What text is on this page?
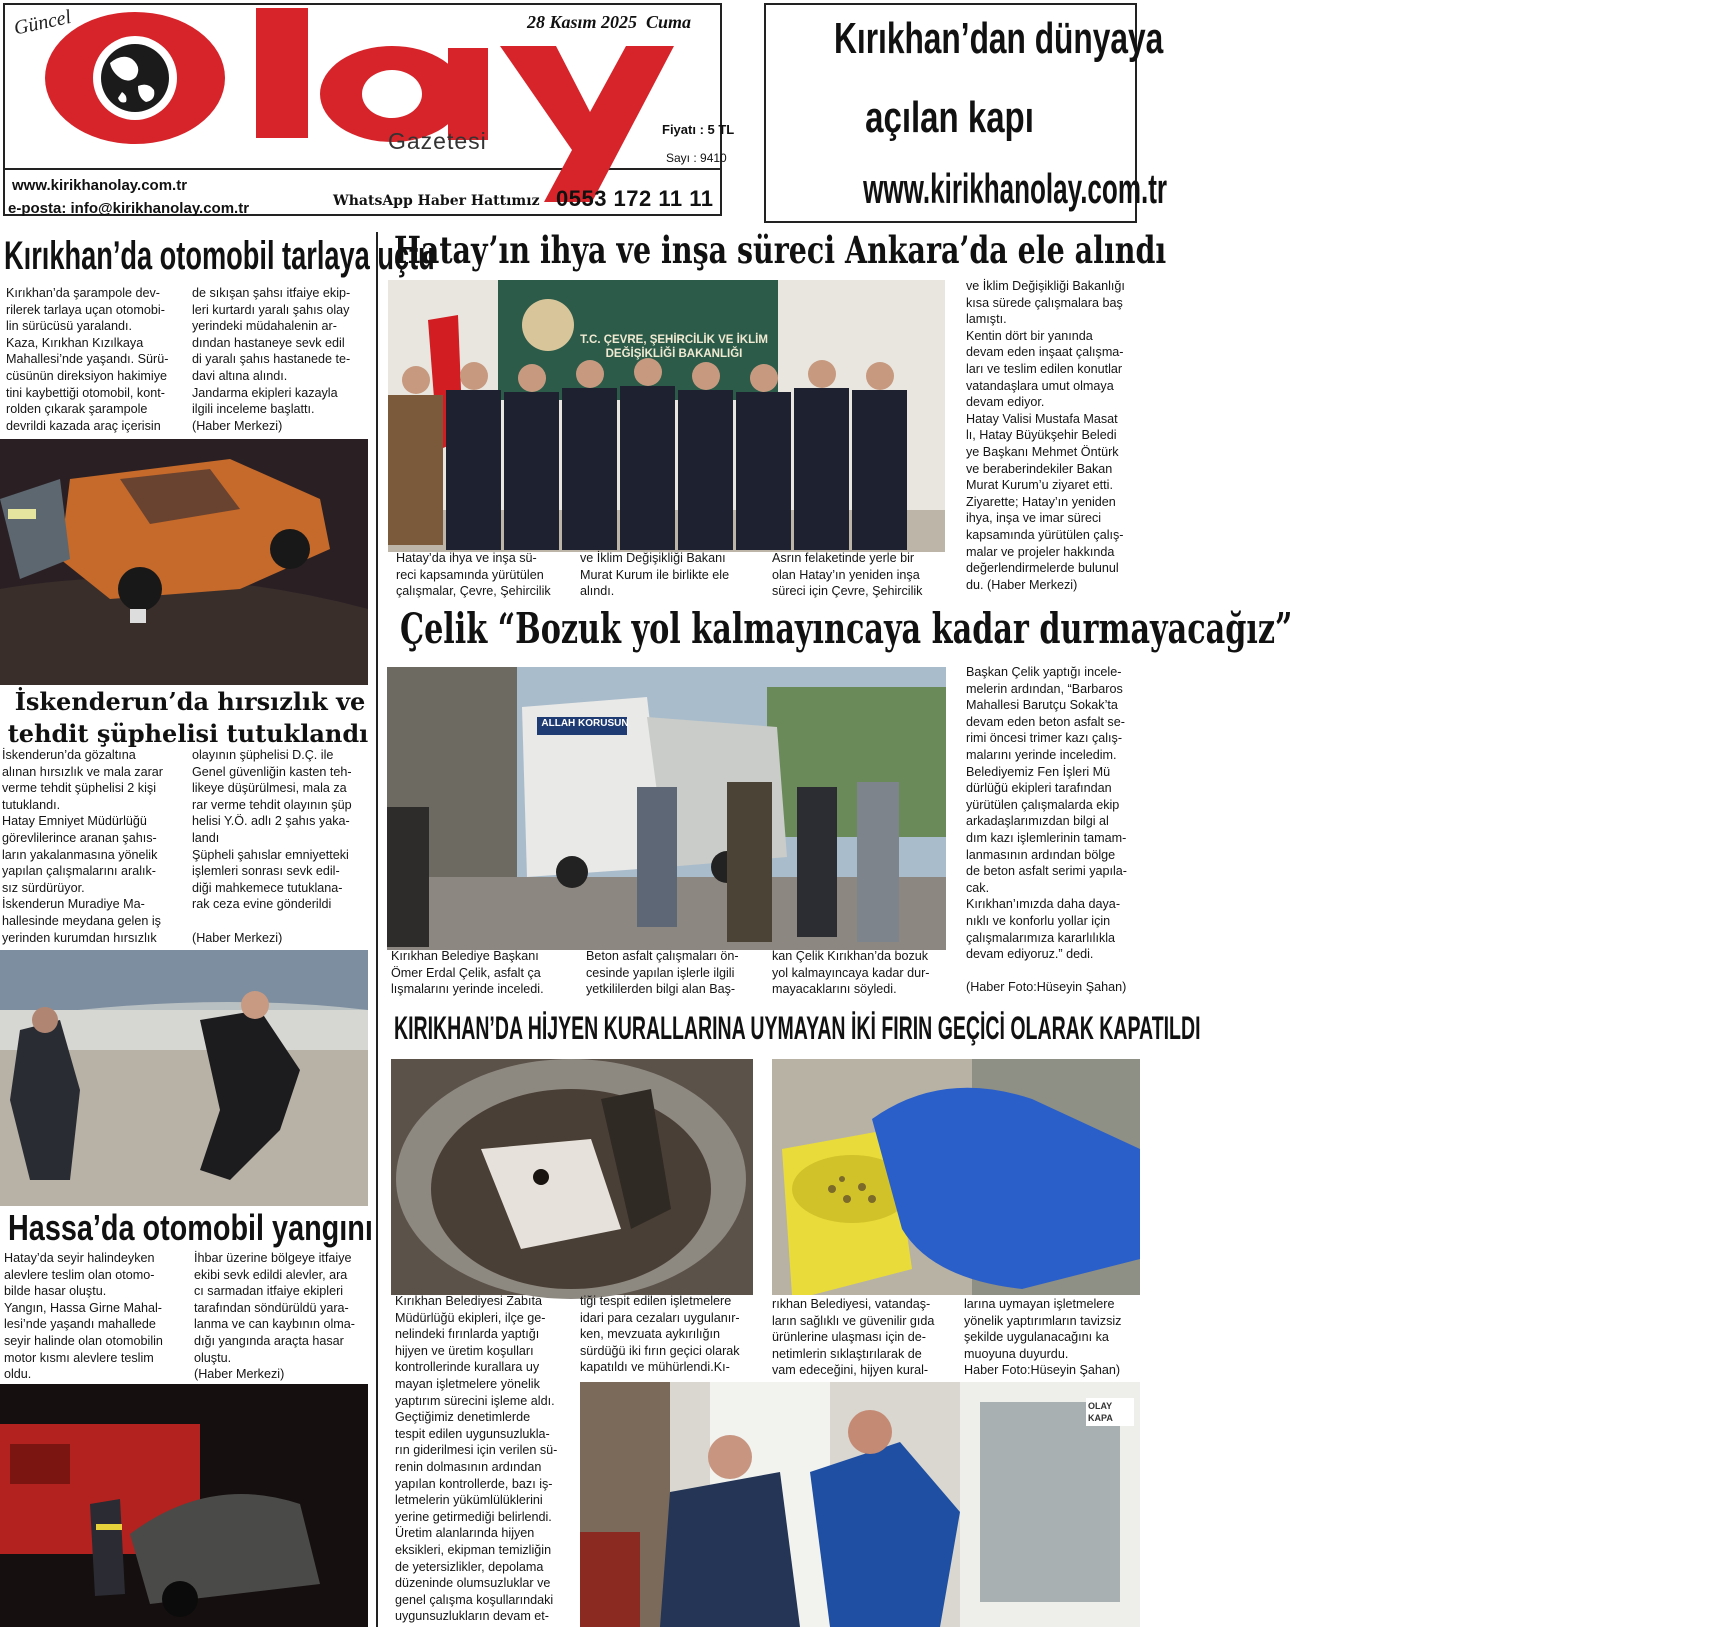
Güncel
Gazetesi
28 Kasım 2025  Cuma
Fiyatı : 5 TL
Sayı : 9410
www.kirikhanolay.com.tr
e-posta: info@kirikhanolay.com.tr	WhatsApp Haber Hattımız 0553 172 11 11
Kırıkhan’dan dünyaya
açılan kapı
www.kirikhanolay.com.tr
Kırıkhan’da otomobil tarlaya uçtu
Kırıkhan’da şarampole dev-
rilerek tarlaya uçan otomobi-
lin sürücüsü yaralandı.
Kaza, Kırıkhan Kızılkaya
Mahallesi’nde yaşandı. Sürü-
cüsünün direksiyon hakimiye
tini kaybettiği otomobil, kont-
rolden çıkarak şarampole
devrildi kazada araç içerisin
de sıkışan şahsı itfaiye ekip-
leri kurtardı yaralı şahıs olay
yerindeki müdahalenin ar-
dından hastaneye sevk edil
di yaralı şahıs hastanede te-
davi altına alındı.
Jandarma ekipleri kazayla
ilgili inceleme başlattı.
(Haber Merkezi)
İskenderun’da hırsızlık ve
tehdit şüphelisi tutuklandı
İskenderun’da gözaltına
alınan hırsızlık ve mala zarar
verme tehdit şüphelisi 2 kişi
tutuklandı.
Hatay Emniyet Müdürlüğü
görevlilerince aranan şahıs-
ların yakalanmasına yönelik
yapılan çalışmalarını aralık-
sız sürdürüyor.
İskenderun Muradiye Ma-
hallesinde meydana gelen iş
yerinden kurumdan hırsızlık
olayının şüphelisi D.Ç. ile
Genel güvenliğin kasten teh-
likeye düşürülmesi, mala za
rar verme tehdit olayının şüp
helisi Y.Ö. adlı 2 şahıs yaka-
landı
Şüpheli şahıslar emniyetteki
işlemleri sonrası sevk edil-
diği mahkemece tutuklana-
rak ceza evine gönderildi

(Haber Merkezi)
Hassa’da otomobil yangını
Hatay’da seyir halindeyken
alevlere teslim olan otomo-
bilde hasar oluştu.
Yangın, Hassa Girne Mahal-
lesi’nde yaşandı mahallede
seyir halinde olan otomobilin
motor kısmı alevlere teslim
oldu.
İhbar üzerine bölgeye itfaiye
ekibi sevk edildi alevler, ara
cı sarmadan itfaiye ekipleri
tarafından söndürüldü yara-
lanma ve can kaybının olma-
dığı yangında araçta hasar
oluştu.
(Haber Merkezi)
Hatay’ın ihya ve inşa süreci Ankara’da ele alındı
T.C. ÇEVRE, ŞEHİRCİLİK VE İKLİM DEĞİŞİKLİĞİ BAKANLIĞI
Hatay’da ihya ve inşa sü-
reci kapsamında yürütülen
çalışmalar, Çevre, Şehircilik
ve İklim Değişikliği Bakanı
Murat Kurum ile birlikte ele
alındı.
Asrın felaketinde yerle bir
olan Hatay’ın yeniden inşa
süreci için Çevre, Şehircilik
ve İklim Değişikliği Bakanlığı
kısa sürede çalışmalara baş
lamıştı.
Kentin dört bir yanında
devam eden inşaat çalışma-
ları ve teslim edilen konutlar
vatandaşlara umut olmaya
devam ediyor.
Hatay Valisi Mustafa Masat
lı, Hatay Büyükşehir Beledi
ye Başkanı Mehmet Öntürk
ve beraberindekiler Bakan
Murat Kurum’u ziyaret etti.
Ziyarette; Hatay’ın yeniden
ihya, inşa ve imar süreci
kapsamında yürütülen çalış-
malar ve projeler hakkında
değerlendirmelerde bulunul
du. (Haber Merkezi)
Çelik “Bozuk yol kalmayıncaya kadar durmayacağız”
ALLAH KORUSUN
Kırıkhan Belediye Başkanı
Ömer Erdal Çelik, asfalt ça
lışmalarını yerinde inceledi.
Beton asfalt çalışmaları ön-
cesinde yapılan işlerle ilgili
yetkililerden bilgi alan Baş-
kan Çelik Kırıkhan’da bozuk
yol kalmayıncaya kadar dur-
mayacaklarını söyledi.
Başkan Çelik yaptığı incele-
melerin ardından, “Barbaros
Mahallesi Barutçu Sokak’ta
devam eden beton asfalt se-
rimi öncesi trimer kazı çalış-
malarını yerinde inceledim.
Belediyemiz Fen İşleri Mü
dürlüğü ekipleri tarafından
yürütülen çalışmalarda ekip
arkadaşlarımızdan bilgi al
dım kazı işlemlerinin tamam-
lanmasının ardından bölge
de beton asfalt serimi yapıla-
cak.
Kırıkhan’ımızda daha daya-
nıklı ve konforlu yollar için
çalışmalarımıza kararlılıkla
devam ediyoruz.” dedi.

(Haber Foto:Hüseyin Şahan)
KIRIKHAN’DA HİJYEN KURALLARINA UYMAYAN İKİ FIRIN GEÇİCİ OLARAK KAPATILDI
Kırıkhan Belediyesi Zabıta
Müdürlüğü ekipleri, ilçe ge-
nelindeki fırınlarda yaptığı
hijyen ve üretim koşulları
kontrollerinde kurallara uy
mayan işletmelere yönelik
yaptırım sürecini işleme aldı.
Geçtiğimiz denetimlerde
tespit edilen uygunsuzlukla-
rın giderilmesi için verilen sü-
renin dolmasının ardından
yapılan kontrollerde, bazı iş-
letmelerin yükümlülüklerini
yerine getirmediği belirlendi.
Üretim alanlarında hijyen
eksikleri, ekipman temizliğin
de yetersizlikler, depolama
düzeninde olumsuzluklar ve
genel çalışma koşullarındaki
uygunsuzlukların devam et-
tiği tespit edilen işletmelere
idari para cezaları uygulanır-
ken, mevzuata aykırılığın
sürdüğü iki fırın geçici olarak
kapatıldı ve mühürlendi.Kı-
rıkhan Belediyesi, vatandaş-
ların sağlıklı ve güvenilir gıda
ürünlerine ulaşması için de-
netimlerin sıklaştırılarak de
vam edeceğini, hijyen kural-
larına uymayan işletmelere
yönelik yaptırımların tavizsiz
şekilde uygulanacağını ka
muoyuna duyurdu.
Haber Foto:Hüseyin Şahan)
OLAY KAPA
